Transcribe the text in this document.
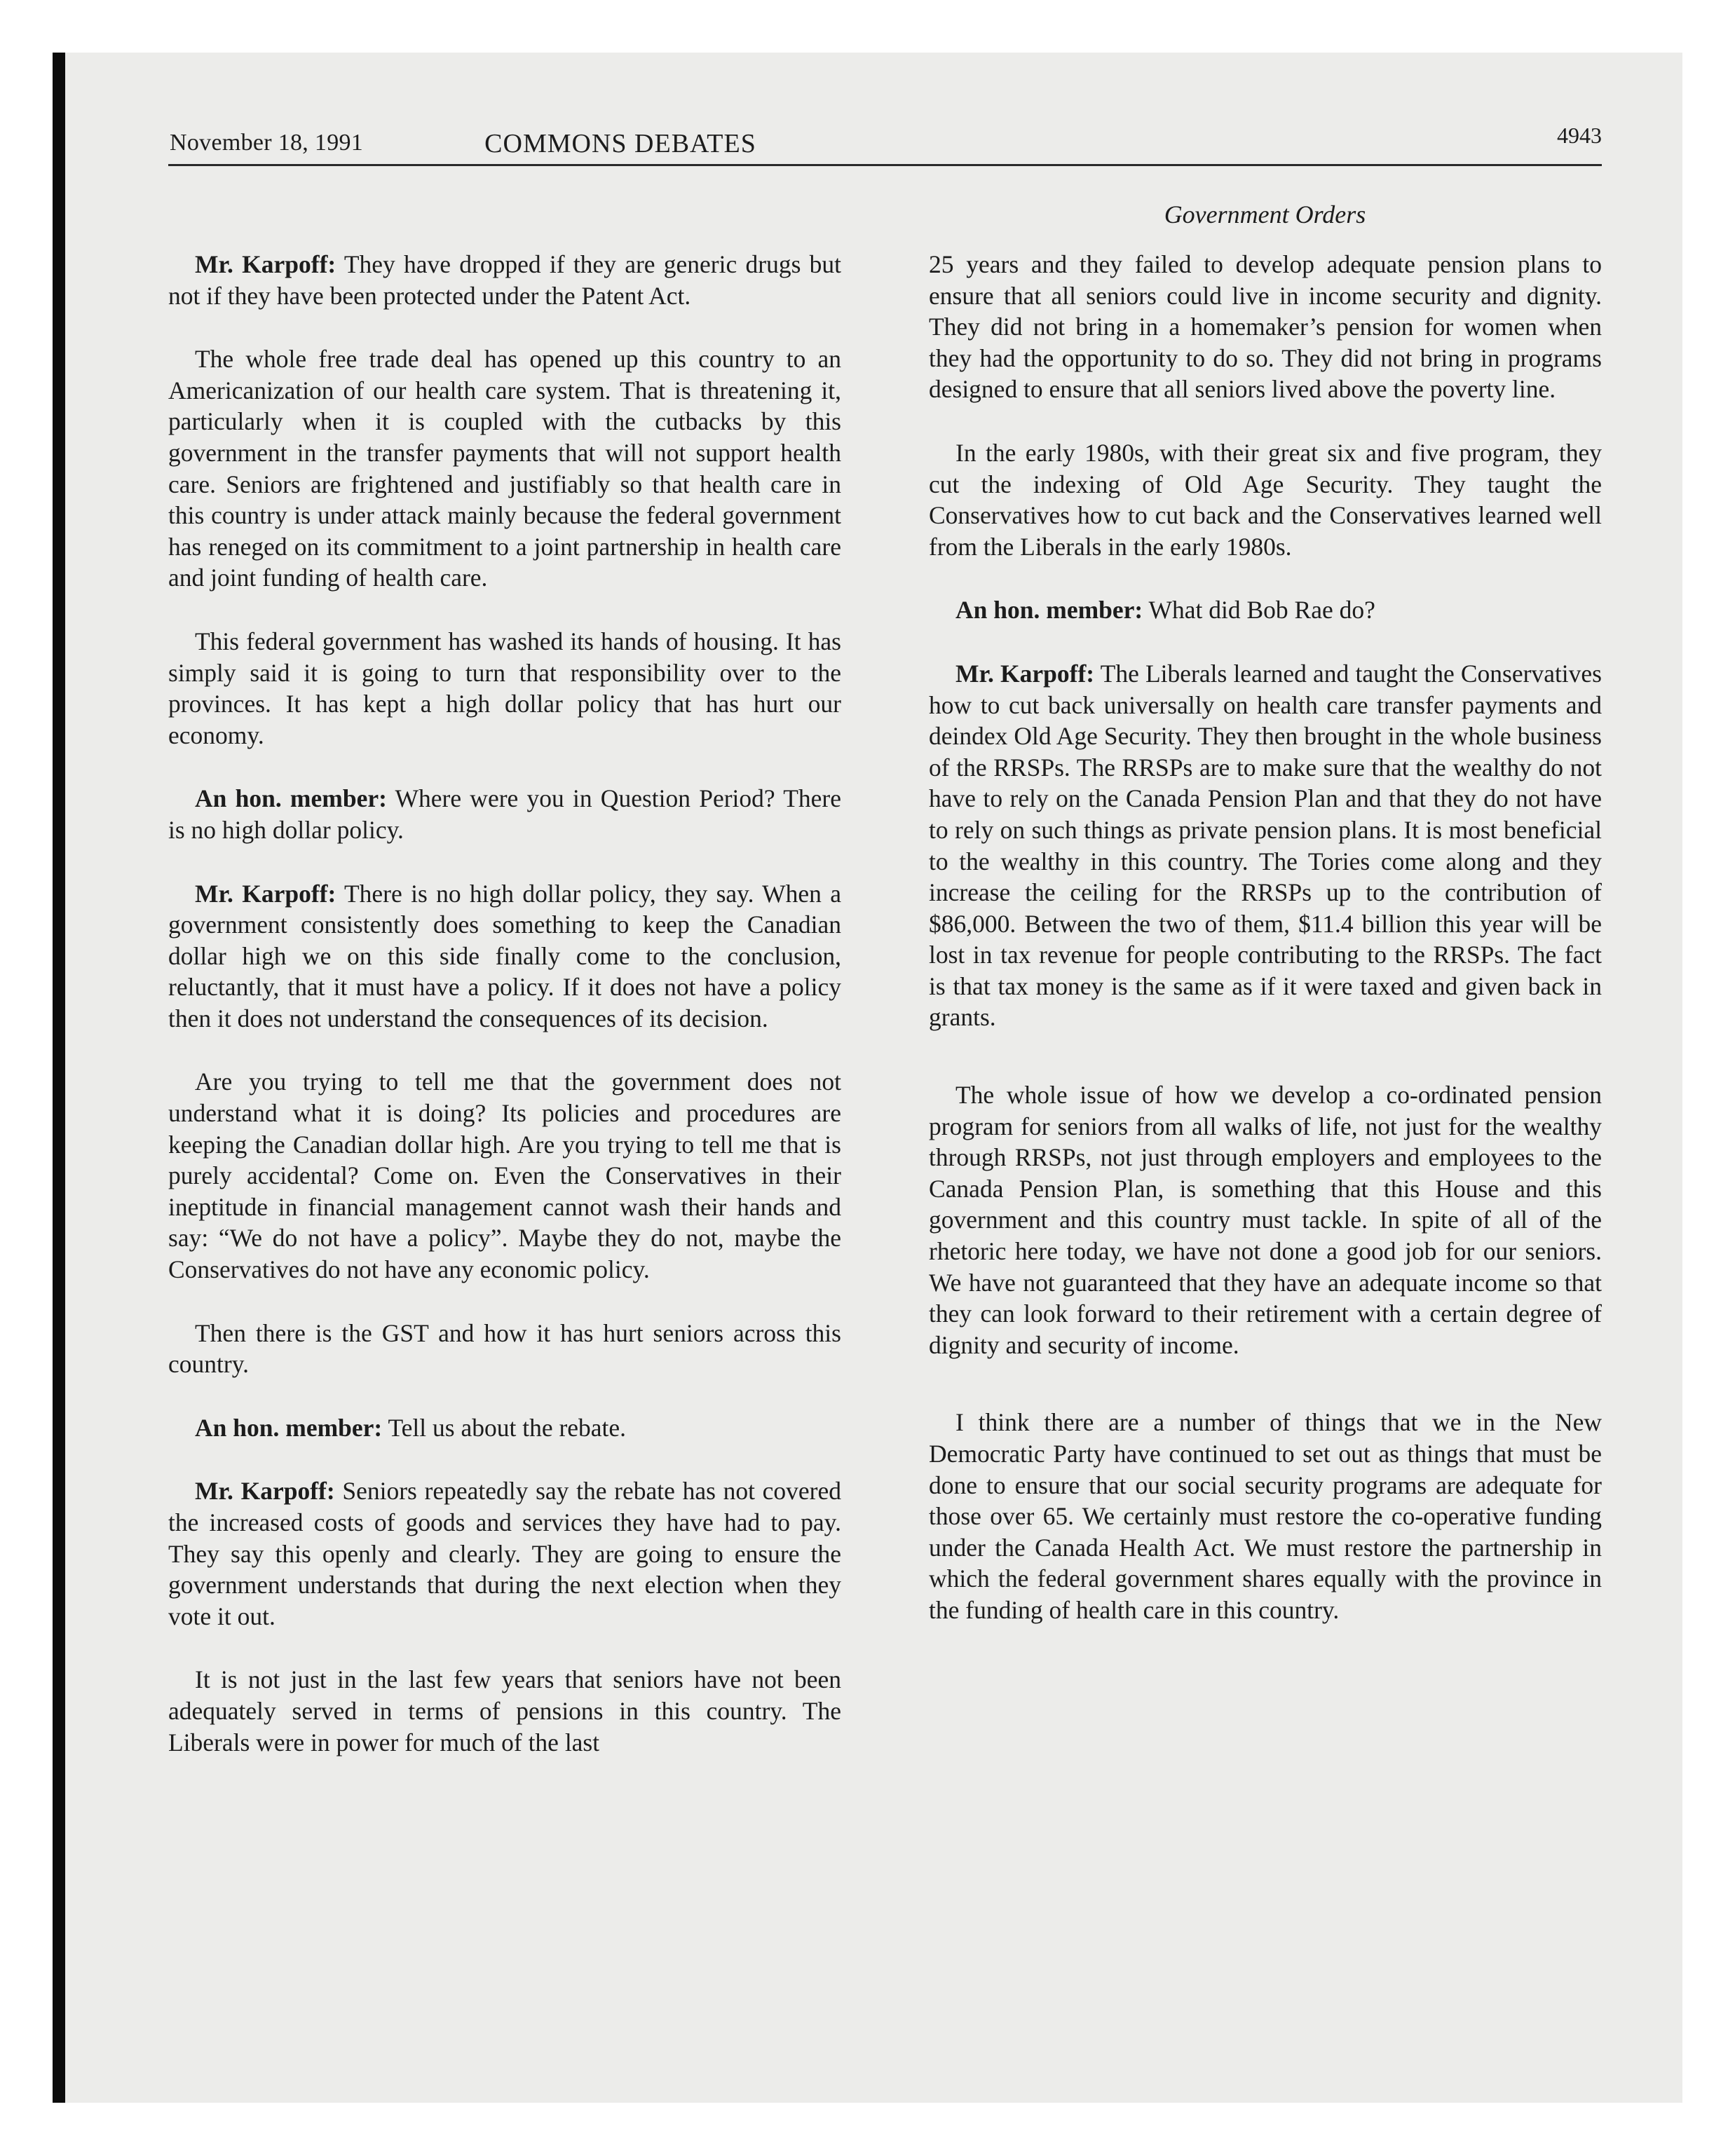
November 18, 1991	COMMONS DEBATES	4943
Government Orders

Mr. Karpoff: They have dropped if they are generic drugs but not if they have been protected under the Patent Act.

The whole free trade deal has opened up this country to an Americanization of our health care system. That is threatening it, particularly when it is coupled with the cutbacks by this government in the transfer payments that will not support health care. Seniors are frightened and justifiably so that health care in this country is under attack mainly because the federal government has reneged on its commitment to a joint partnership in health care and joint funding of health care.

This federal government has washed its hands of housing. It has simply said it is going to turn that responsibility over to the provinces. It has kept a high dollar policy that has hurt our economy.

An hon. member: Where were you in Question Period? There is no high dollar policy.

Mr. Karpoff: There is no high dollar policy, they say. When a government consistently does something to keep the Canadian dollar high we on this side finally come to the conclusion, reluctantly, that it must have a policy. If it does not have a policy then it does not understand the consequences of its decision.

Are you trying to tell me that the government does not understand what it is doing? Its policies and procedures are keeping the Canadian dollar high. Are you trying to tell me that is purely accidental? Come on. Even the Conservatives in their ineptitude in financial management cannot wash their hands and say: “We do not have a policy”. Maybe they do not, maybe the Conservatives do not have any economic policy.

Then there is the GST and how it has hurt seniors across this country.

An hon. member: Tell us about the rebate.

Mr. Karpoff: Seniors repeatedly say the rebate has not covered the increased costs of goods and services they have had to pay. They say this openly and clearly. They are going to ensure the government understands that during the next election when they vote it out.

It is not just in the last few years that seniors have not been adequately served in terms of pensions in this country. The Liberals were in power for much of the last

25 years and they failed to develop adequate pension plans to ensure that all seniors could live in income security and dignity. They did not bring in a homemaker’s pension for women when they had the opportunity to do so. They did not bring in programs designed to ensure that all seniors lived above the poverty line.

In the early 1980s, with their great six and five program, they cut the indexing of Old Age Security. They taught the Conservatives how to cut back and the Conservatives learned well from the Liberals in the early 1980s.

An hon. member: What did Bob Rae do?

Mr. Karpoff: The Liberals learned and taught the Conservatives how to cut back universally on health care transfer payments and deindex Old Age Security. They then brought in the whole business of the RRSPs. The RRSPs are to make sure that the wealthy do not have to rely on the Canada Pension Plan and that they do not have to rely on such things as private pension plans. It is most beneficial to the wealthy in this country. The Tories come along and they increase the ceiling for the RRSPs up to the contribution of $86,000. Between the two of them, $11.4 billion this year will be lost in tax revenue for people contributing to the RRSPs. The fact is that tax money is the same as if it were taxed and given back in grants.

The whole issue of how we develop a co-ordinated pension program for seniors from all walks of life, not just for the wealthy through RRSPs, not just through employers and employees to the Canada Pension Plan, is something that this House and this government and this country must tackle. In spite of all of the rhetoric here today, we have not done a good job for our seniors. We have not guaranteed that they have an adequate income so that they can look forward to their retirement with a certain degree of dignity and security of income.

I think there are a number of things that we in the New Democratic Party have continued to set out as things that must be done to ensure that our social security programs are adequate for those over 65. We certainly must restore the co-operative funding under the Canada Health Act. We must restore the partnership in which the federal government shares equally with the province in the funding of health care in this country.
